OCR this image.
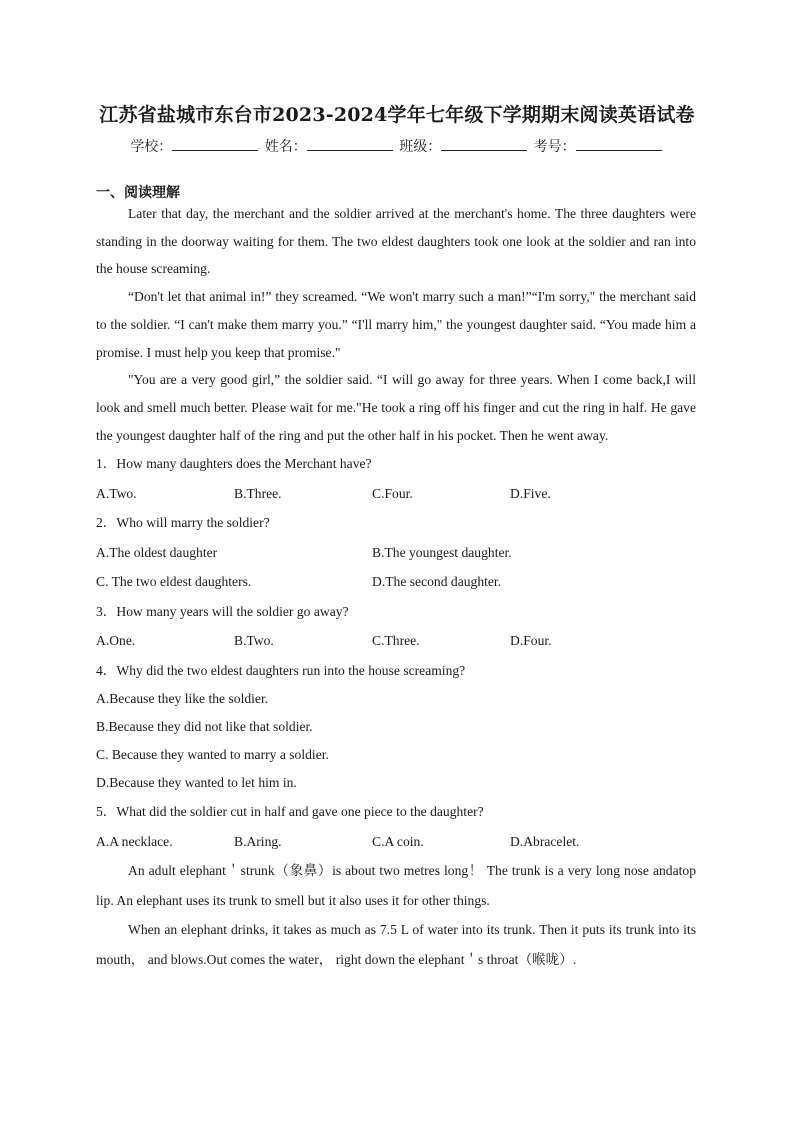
江苏省盐城市东台市2023-2024学年七年级下学期期末阅读英语试卷
学校：	姓名：	班级：	考号：
一、阅读理解

Later that day, the merchant and the soldier arrived at the merchant's home. The three daughters were standing in the doorway waiting for them. The two eldest daughters took one look at the soldier and ran into the house screaming.

“Don't let that animal in!” they screamed. “We won't marry such a man!”“I'm sorry," the merchant said to the soldier. “I can't make them marry you.” “I'll marry him," the youngest daughter said. “You made him a promise. I must help you keep that promise."

"You are a very good girl,” the soldier said. “I will go away for three years. When I come back,I will look and smell much better. Please wait for me."He took a ring off his finger and cut the ring in half. He gave the youngest daughter half of the ring and put the other half in his pocket. Then he went away.

1．How many daughters does the Merchant have?

A.Two.	B.Three.	C.Four.	D.Five.

2．Who will marry the soldier?

A.The oldest daughter	B.The youngest daughter.
C. The two eldest daughters.	D.The second daughter.

3．How many years will the soldier go away?

A.One.	B.Two.	C.Three.	D.Four.

4．Why did the two eldest daughters run into the house screaming?

A.Because they like the soldier.

B.Because they did not like that soldier.

C. Because they wanted to marry a soldier.

D.Because they wanted to let him in.

5．What did the soldier cut in half and gave one piece to the daughter?

A.A necklace.	B.Aring.	C.A coin.	D.Abracelet.

An adult elephant＇strunk（象鼻）is about two metres long！ The trunk is a very long nose andatop lip. An elephant uses its trunk to smell but it also uses it for other things.

When an elephant drinks, it takes as much as 7.5 L of water into its trunk. Then it puts its trunk into its mouth， and blows.Out comes the water， right down the elephant＇s throat（喉咙）.
